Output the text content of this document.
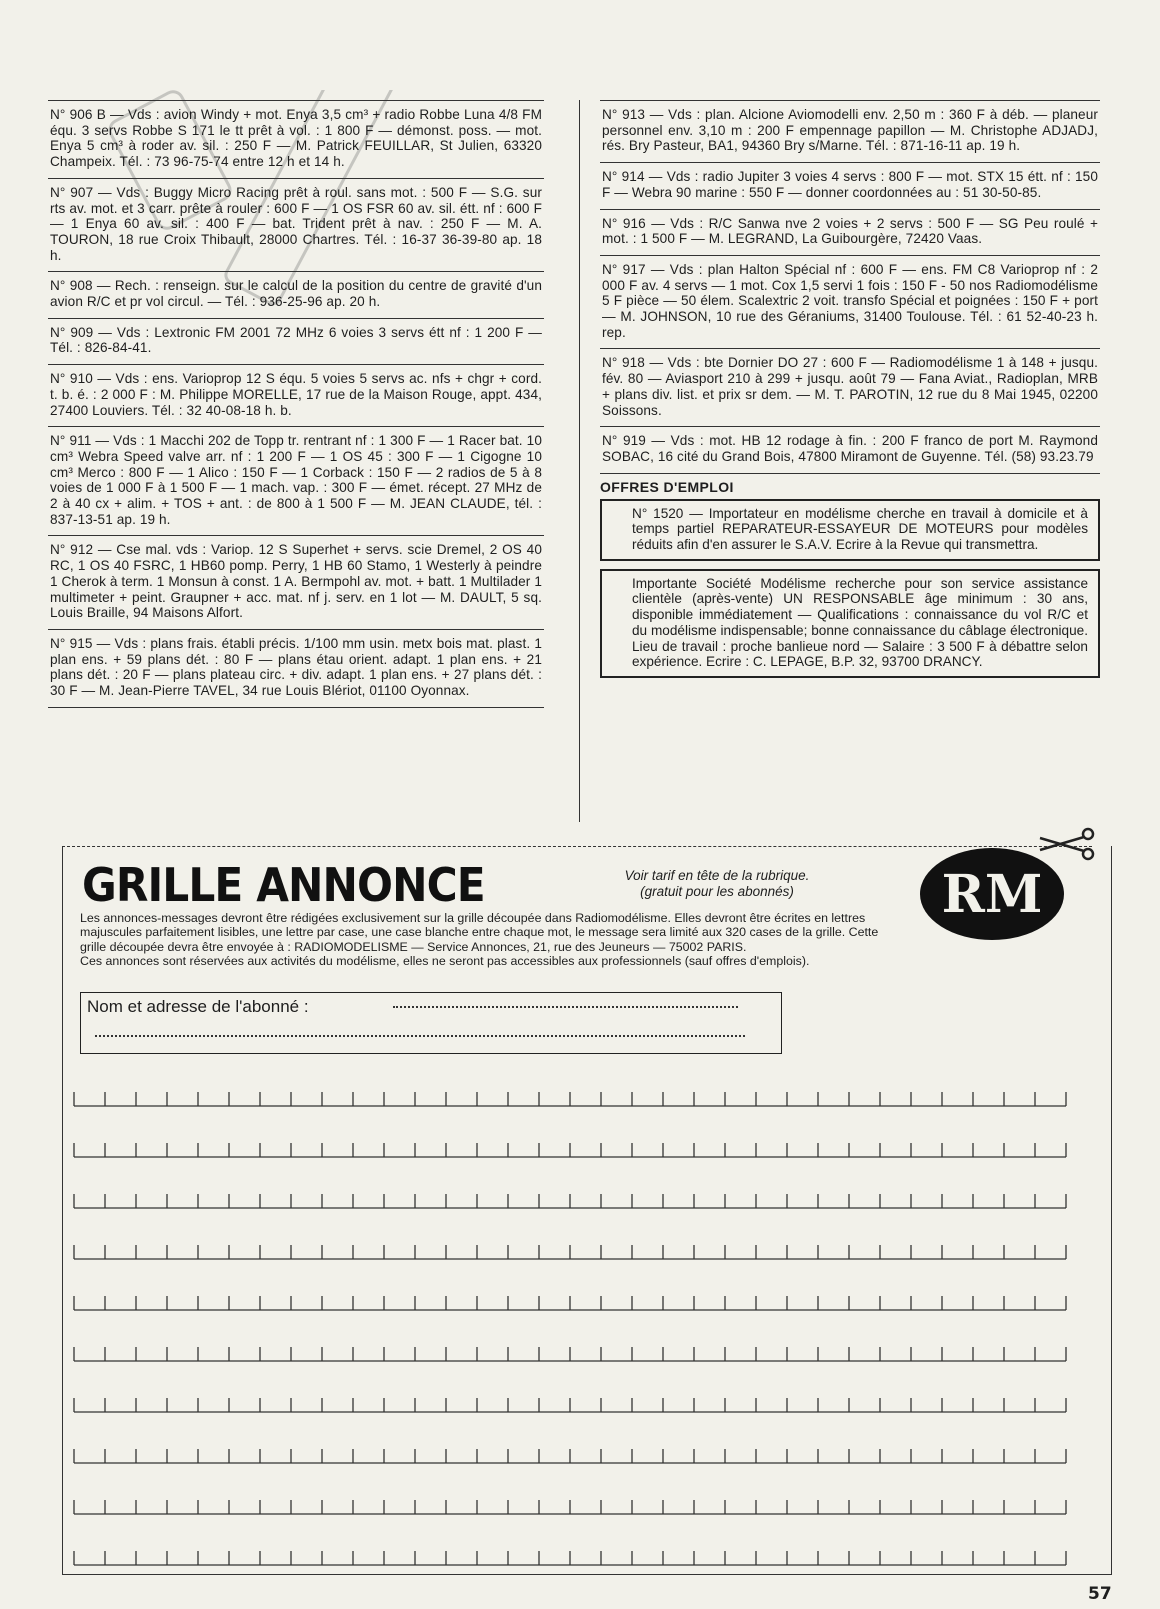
N° 906 B — Vds : avion Windy + mot. Enya 3,5 cm³ + radio Robbe Luna 4/8 FM équ. 3 servs Robbe S 171 le tt prêt à vol. : 1 800 F — démonst. poss. — mot. Enya 5 cm³ à roder av. sil. : 250 F — M. Patrick FEUILLAR, St Julien, 63320 Champeix. Tél. : 73 96-75-74 entre 12 h et 14 h.

N° 907 — Vds : Buggy Micro Racing prêt à roul. sans mot. : 500 F — S.G. sur rts av. mot. et 3 carr. prête à rouler : 600 F — 1 OS FSR 60 av. sil. étt. nf : 600 F — 1 Enya 60 av. sil. : 400 F — bat. Trident prêt à nav. : 250 F — M. A. TOURON, 18 rue Croix Thibault, 28000 Chartres. Tél. : 16-37 36-39-80 ap. 18 h.

N° 908 — Rech. : renseign. sur le calcul de la position du centre de gravité d'un avion R/C et pr vol circul. — Tél. : 936-25-96 ap. 20 h.

N° 909 — Vds : Lextronic FM 2001 72 MHz 6 voies 3 servs étt nf : 1 200 F — Tél. : 826-84-41.

N° 910 — Vds : ens. Varioprop 12 S équ. 5 voies 5 servs ac. nfs + chgr + cord. t. b. é. : 2 000 F : M. Philippe MORELLE, 17 rue de la Maison Rouge, appt. 434, 27400 Louviers. Tél. : 32 40-08-18 h. b.

N° 911 — Vds : 1 Macchi 202 de Topp tr. rentrant nf : 1 300 F — 1 Racer bat. 10 cm³ Webra Speed valve arr. nf : 1 200 F — 1 OS 45 : 300 F — 1 Cigogne 10 cm³ Merco : 800 F — 1 Alico : 150 F — 1 Corback : 150 F — 2 radios de 5 à 8 voies de 1 000 F à 1 500 F — 1 mach. vap. : 300 F — émet. récept. 27 MHz de 2 à 40 cx + alim. + TOS + ant. : de 800 à 1 500 F — M. JEAN CLAUDE, tél. : 837-13-51 ap. 19 h.

N° 912 — Cse mal. vds : Variop. 12 S Superhet + servs. scie Dremel, 2 OS 40 RC, 1 OS 40 FSRC, 1 HB60 pomp. Perry, 1 HB 60 Stamo, 1 Westerly à peindre 1 Cherok à term. 1 Monsun à const. 1 A. Bermpohl av. mot. + batt. 1 Multilader 1 multimeter + peint. Graupner + acc. mat. nf j. serv. en 1 lot — M. DAULT, 5 sq. Louis Braille, 94 Maisons Alfort.

N° 915 — Vds : plans frais. établi précis. 1/100 mm usin. metx bois mat. plast. 1 plan ens. + 59 plans dét. : 80 F — plans étau orient. adapt. 1 plan ens. + 21 plans dét. : 20 F — plans plateau circ. + div. adapt. 1 plan ens. + 27 plans dét. : 30 F — M. Jean-Pierre TAVEL, 34 rue Louis Blériot, 01100 Oyonnax.

N° 913 — Vds : plan. Alcione Aviomodelli env. 2,50 m : 360 F à déb. — planeur personnel env. 3,10 m : 200 F empennage papillon — M. Christophe ADJADJ, rés. Bry Pasteur, BA1, 94360 Bry s/Marne. Tél. : 871-16-11 ap. 19 h.

N° 914 — Vds : radio Jupiter 3 voies 4 servs : 800 F — mot. STX 15 étt. nf : 150 F — Webra 90 marine : 550 F — donner coordonnées au : 51 30-50-85.

N° 916 — Vds : R/C Sanwa nve 2 voies + 2 servs : 500 F — SG Peu roulé + mot. : 1 500 F — M. LEGRAND, La Guibourgère, 72420 Vaas.

N° 917 — Vds : plan Halton Spécial nf : 600 F — ens. FM C8 Varioprop nf : 2 000 F av. 4 servs — 1 mot. Cox 1,5 servi 1 fois : 150 F - 50 nos Radiomodélisme 5 F pièce — 50 élem. Scalextric 2 voit. transfo Spécial et poignées : 150 F + port — M. JOHNSON, 10 rue des Géraniums, 31400 Toulouse. Tél. : 61 52-40-23 h. rep.

N° 918 — Vds : bte Dornier DO 27 : 600 F — Radiomodélisme 1 à 148 + jusqu. fév. 80 — Aviasport 210 à 299 + jusqu. août 79 — Fana Aviat., Radioplan, MRB + plans div. list. et prix sr dem. — M. T. PAROTIN, 12 rue du 8 Mai 1945, 02200 Soissons.

N° 919 — Vds : mot. HB 12 rodage à fin. : 200 F franco de port M. Raymond SOBAC, 16 cité du Grand Bois, 47800 Miramont de Guyenne. Tél. (58) 93.23.79

OFFRES D'EMPLOI
N° 1520 — Importateur en modélisme cherche en travail à domicile et à temps partiel REPARATEUR-ESSAYEUR DE MOTEURS pour modèles réduits afin d'en assurer le S.A.V. Ecrire à la Revue qui transmettra.
Importante Société Modélisme recherche pour son service assistance clientèle (après-vente) UN RESPONSABLE âge minimum : 30 ans, disponible immédiatement — Qualifications : connaissance du vol R/C et du modélisme indispensable; bonne connaissance du câblage électronique. Lieu de travail : proche banlieue nord — Salaire : 3 500 F à débattre selon expérience. Ecrire : C. LEPAGE, B.P. 32, 93700 DRANCY.
GRILLE ANNONCE	Voir tarif en tête de la rubrique.
(gratuit pour les abonnés)	RM

Les annonces-messages devront être rédigées exclusivement sur la grille découpée dans Radiomodélisme. Elles devront être écrites en lettres majuscules parfaitement lisibles, une lettre par case, une case blanche entre chaque mot, le message sera limité aux 320 cases de la grille. Cette grille découpée devra être envoyée à : RADIOMODELISME — Service Annonces, 21, rue des Jeuneurs — 75002 PARIS.

Ces annonces sont réservées aux activités du modélisme, elles ne seront pas accessibles aux professionnels (sauf offres d'emplois).

Nom et adresse de l'abonné :
57
